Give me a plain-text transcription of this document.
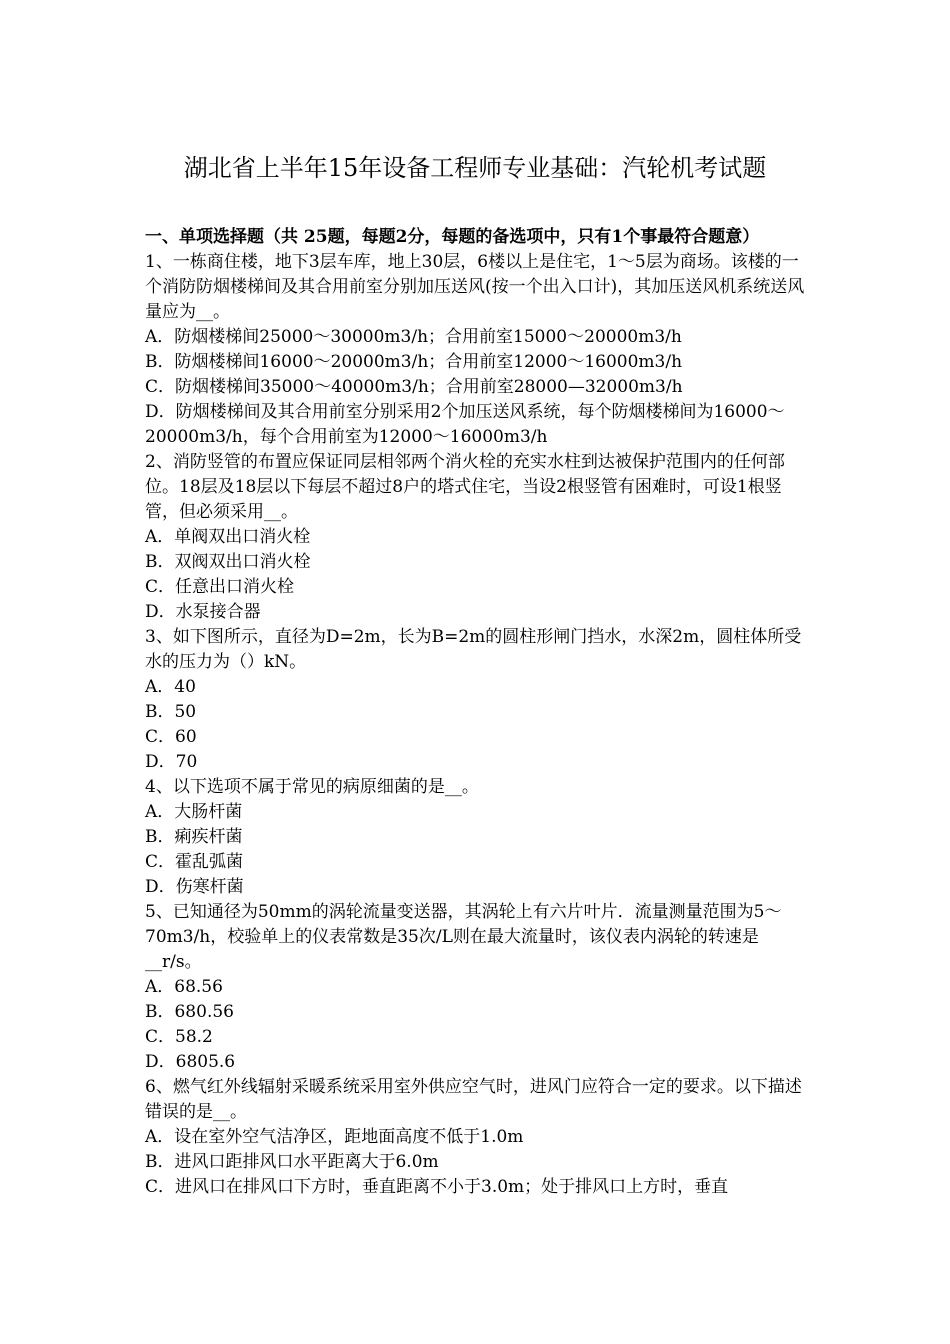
湖北省上半年15年设备工程师专业基础：汽轮机考试题

一、单项选择题（共 25题，每题2分，每题的备选项中，只有1个事最符合题意）

1、一栋商住楼，地下3层车库，地上30层，6楼以上是住宅，1～5层为商场。该楼的一个消防防烟楼梯间及其合用前室分别加压送风(按一个出入口计)，其加压送风机系统送风量应为__。

A．防烟楼梯间25000～30000m3/h；合用前室15000～20000m3/h

B．防烟楼梯间16000～20000m3/h；合用前室12000～16000m3/h

C．防烟楼梯间35000～40000m3/h；合用前室28000—32000m3/h

D．防烟楼梯间及其合用前室分别采用2个加压送风系统，每个防烟楼梯间为16000～20000m3/h，每个合用前室为12000～16000m3/h

2、消防竖管的布置应保证同层相邻两个消火栓的充实水柱到达被保护范围内的任何部位。18层及18层以下每层不超过8户的塔式住宅，当设2根竖管有困难时，可设1根竖管，但必须采用__。

A．单阀双出口消火栓

B．双阀双出口消火栓

C．任意出口消火栓

D．水泵接合器

3、如下图所示，直径为D=2m，长为B=2m的圆柱形闸门挡水，水深2m，圆柱体所受水的压力为（）kN。

A．40

B．50

C．60

D．70

4、以下选项不属于常见的病原细菌的是__。

A．大肠杆菌

B．痢疾杆菌

C．霍乱弧菌

D．伤寒杆菌

5、已知通径为50mm的涡轮流量变送器，其涡轮上有六片叶片．流量测量范围为5～70m3/h，校验单上的仪表常数是35次/L则在最大流量时，该仪表内涡轮的转速是__r/s。

A．68.56

B．680.56

C．58.2

D．6805.6

6、燃气红外线辐射采暖系统采用室外供应空气时，进风门应符合一定的要求。以下描述错误的是__。

A．设在室外空气洁净区，距地面高度不低于1.0m

B．进风口距排风口水平距离大于6.0m

C．进风口在排风口下方时，垂直距离不小于3.0m；处于排风口上方时，垂直
